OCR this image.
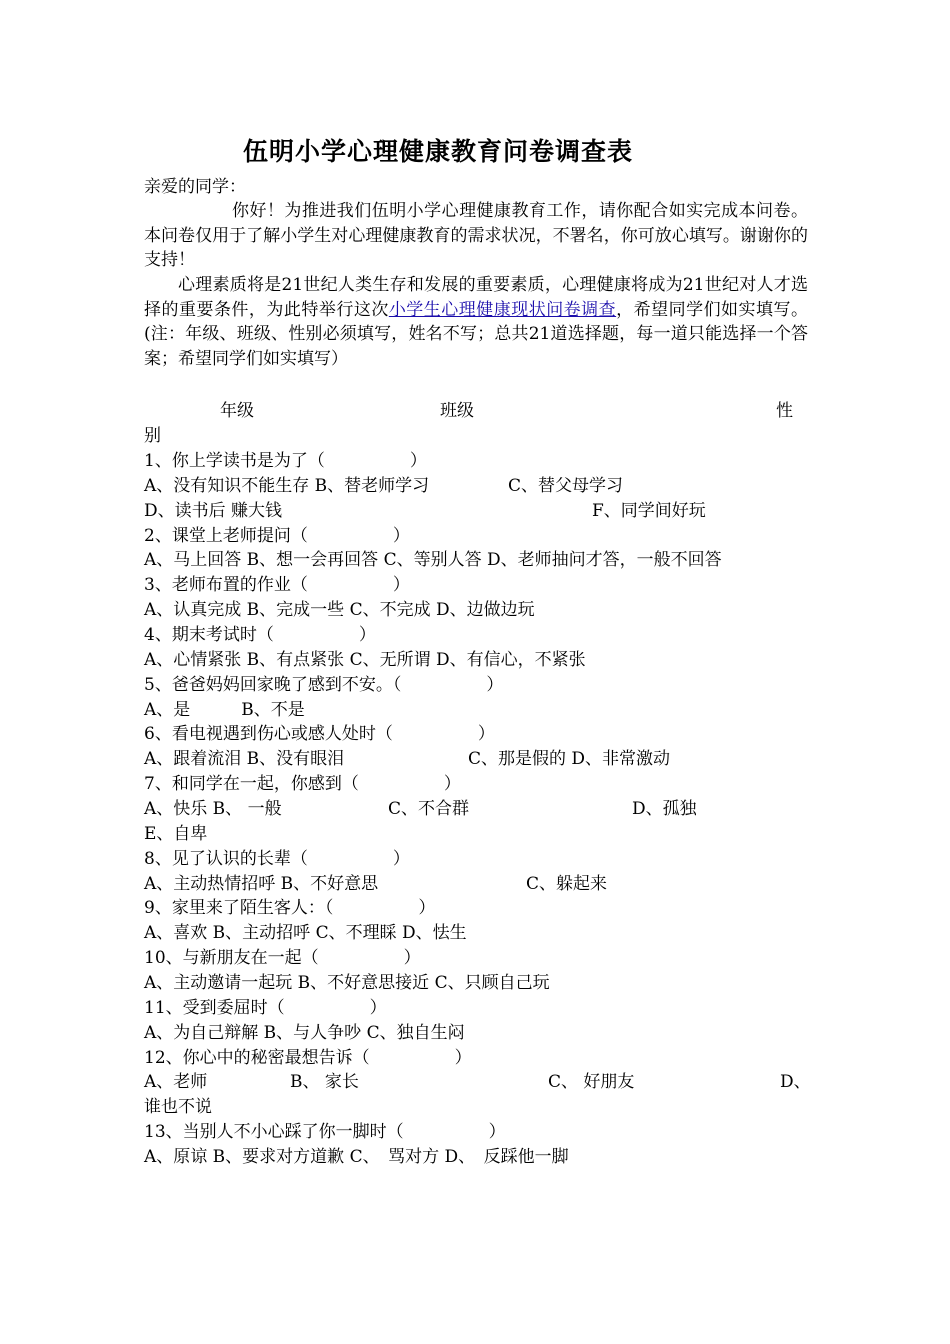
伍明小学心理健康教育问卷调查表
亲爱的同学：
你好！为推进我们伍明小学心理健康教育工作，请你配合如实完成本问卷。本问卷仅用于了解小学生对心理健康教育的需求状况，不署名，你可放心填写。谢谢你的支持！
心理素质将是21世纪人类生存和发展的重要素质，心理健康将成为21世纪对人才选择的重要条件，为此特举行这次小学生心理健康现状问卷调查，希望同学们如实填写。(注：年级、班级、性别必须填写，姓名不写；总共21道选择题，每一道只能选择一个答案；希望同学们如实填写）
年级	班级	性
别
1、你上学读书是为了（　　　　　）
A、没有知识不能生存 B、替老师学习	C、替父母学习
D、读书后 赚大钱	F、同学间好玩
2、课堂上老师提问（　　　　　）
A、马上回答 B、想一会再回答 C、等别人答 D、老师抽问才答，一般不回答
3、老师布置的作业（　　　　　）
A、认真完成 B、完成一些 C、不完成 D、边做边玩
4、期末考试时（　　　　　）
A、心情紧张 B、有点紧张 C、无所谓 D、有信心，不紧张
5、爸爸妈妈回家晚了感到不安。（　　　　　）
A、是　　　B、不是
6、看电视遇到伤心或感人处时（　　　　　）
A、跟着流泪 B、没有眼泪	C、那是假的 D、非常激动
7、和同学在一起，你感到（　　　　　）
A、快乐 B、 一般	C、不合群	D、孤独
E、自卑
8、见了认识的长辈（　　　　　）
A、主动热情招呼 B、不好意思	C、躲起来
9、家里来了陌生客人：（　　　　　）
A、喜欢 B、主动招呼 C、不理睬 D、怯生
10、与新朋友在一起（　　　　　）
A、主动邀请一起玩 B、不好意思接近 C、只顾自己玩
11、受到委屈时（　　　　　）
A、为自己辩解 B、与人争吵 C、独自生闷
12、你心中的秘密最想告诉（　　　　　）
A、老师	B、 家长	C、 好朋友	D、
谁也不说
13、当别人不小心踩了你一脚时（　　　　　）
A、原谅 B、要求对方道歉 C、　骂对方 D、　反踩他一脚
